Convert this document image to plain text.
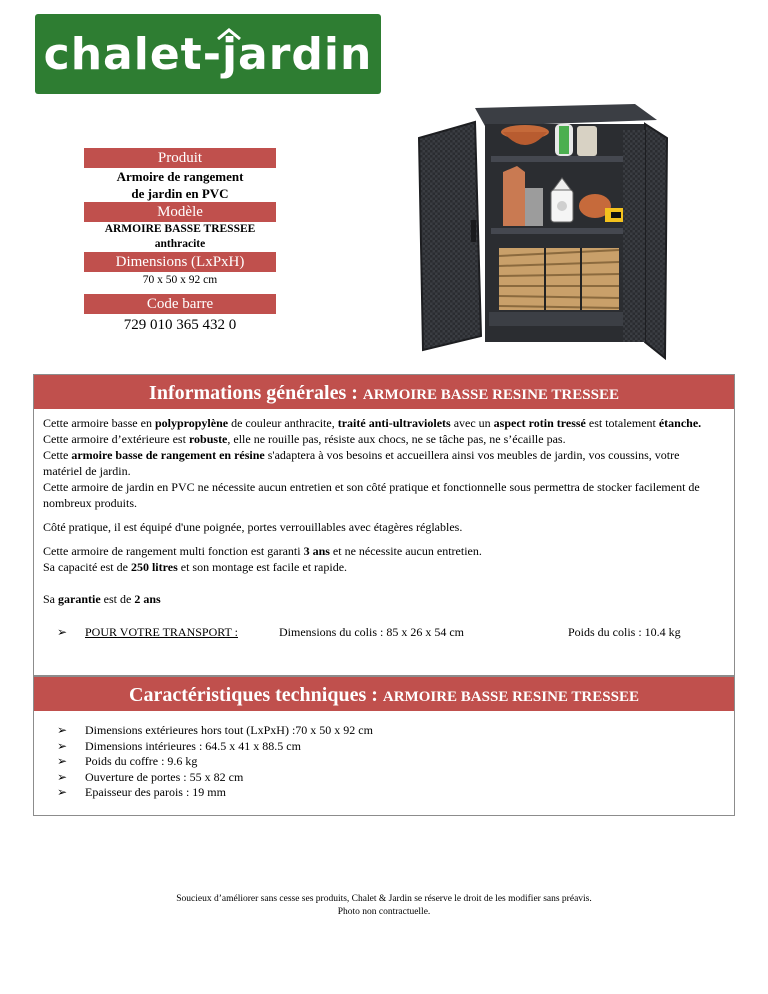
chalet-jardin
Produit
Armoire de rangement
de jardin en PVC
Modèle
ARMOIRE BASSE TRESSEE
anthracite
Dimensions (LxPxH)
70 x 50 x 92 cm
Code barre
729 010 365 432 0
Informations générales : ARMOIRE BASSE RESINE TRESSEE

Cette armoire basse en polypropylène de couleur anthracite, traité anti-ultraviolets avec un aspect rotin tressé est totalement étanche.
Cette armoire d’extérieure est robuste, elle ne rouille pas, résiste aux chocs, ne se tâche pas, ne s’écaille pas.
Cette armoire basse de rangement en résine s'adaptera à vos besoins et accueillera ainsi vos meubles de jardin, vos coussins, votre matériel de jardin.
Cette armoire de jardin en PVC ne nécessite aucun entretien et son côté pratique et fonctionnelle sous permettra de stocker facilement de nombreux produits.

Côté pratique, il est équipé d'une poignée, portes verrouillables avec étagères réglables.

Cette armoire de rangement multi fonction est garanti 3 ans et ne nécessite aucun entretien.
Sa capacité est de 250 litres et son montage est facile et rapide.

Sa garantie est de 2 ans

➢	POUR VOTRE TRANSPORT :	Dimensions du colis : 85 x 26 x 54 cm	Poids du colis : 10.4 kg
Caractéristiques techniques : ARMOIRE BASSE RESINE TRESSEE
➢	Dimensions extérieures hors tout (LxPxH) :70 x 50 x 92 cm
➢	Dimensions intérieures : 64.5 x 41 x 88.5 cm
➢	Poids du coffre : 9.6 kg
➢	Ouverture de portes : 55 x 82 cm
➢	Epaisseur des parois : 19 mm
Soucieux d’améliorer sans cesse ses produits, Chalet & Jardin se réserve le droit de les modifier sans préavis.
Photo non contractuelle.
